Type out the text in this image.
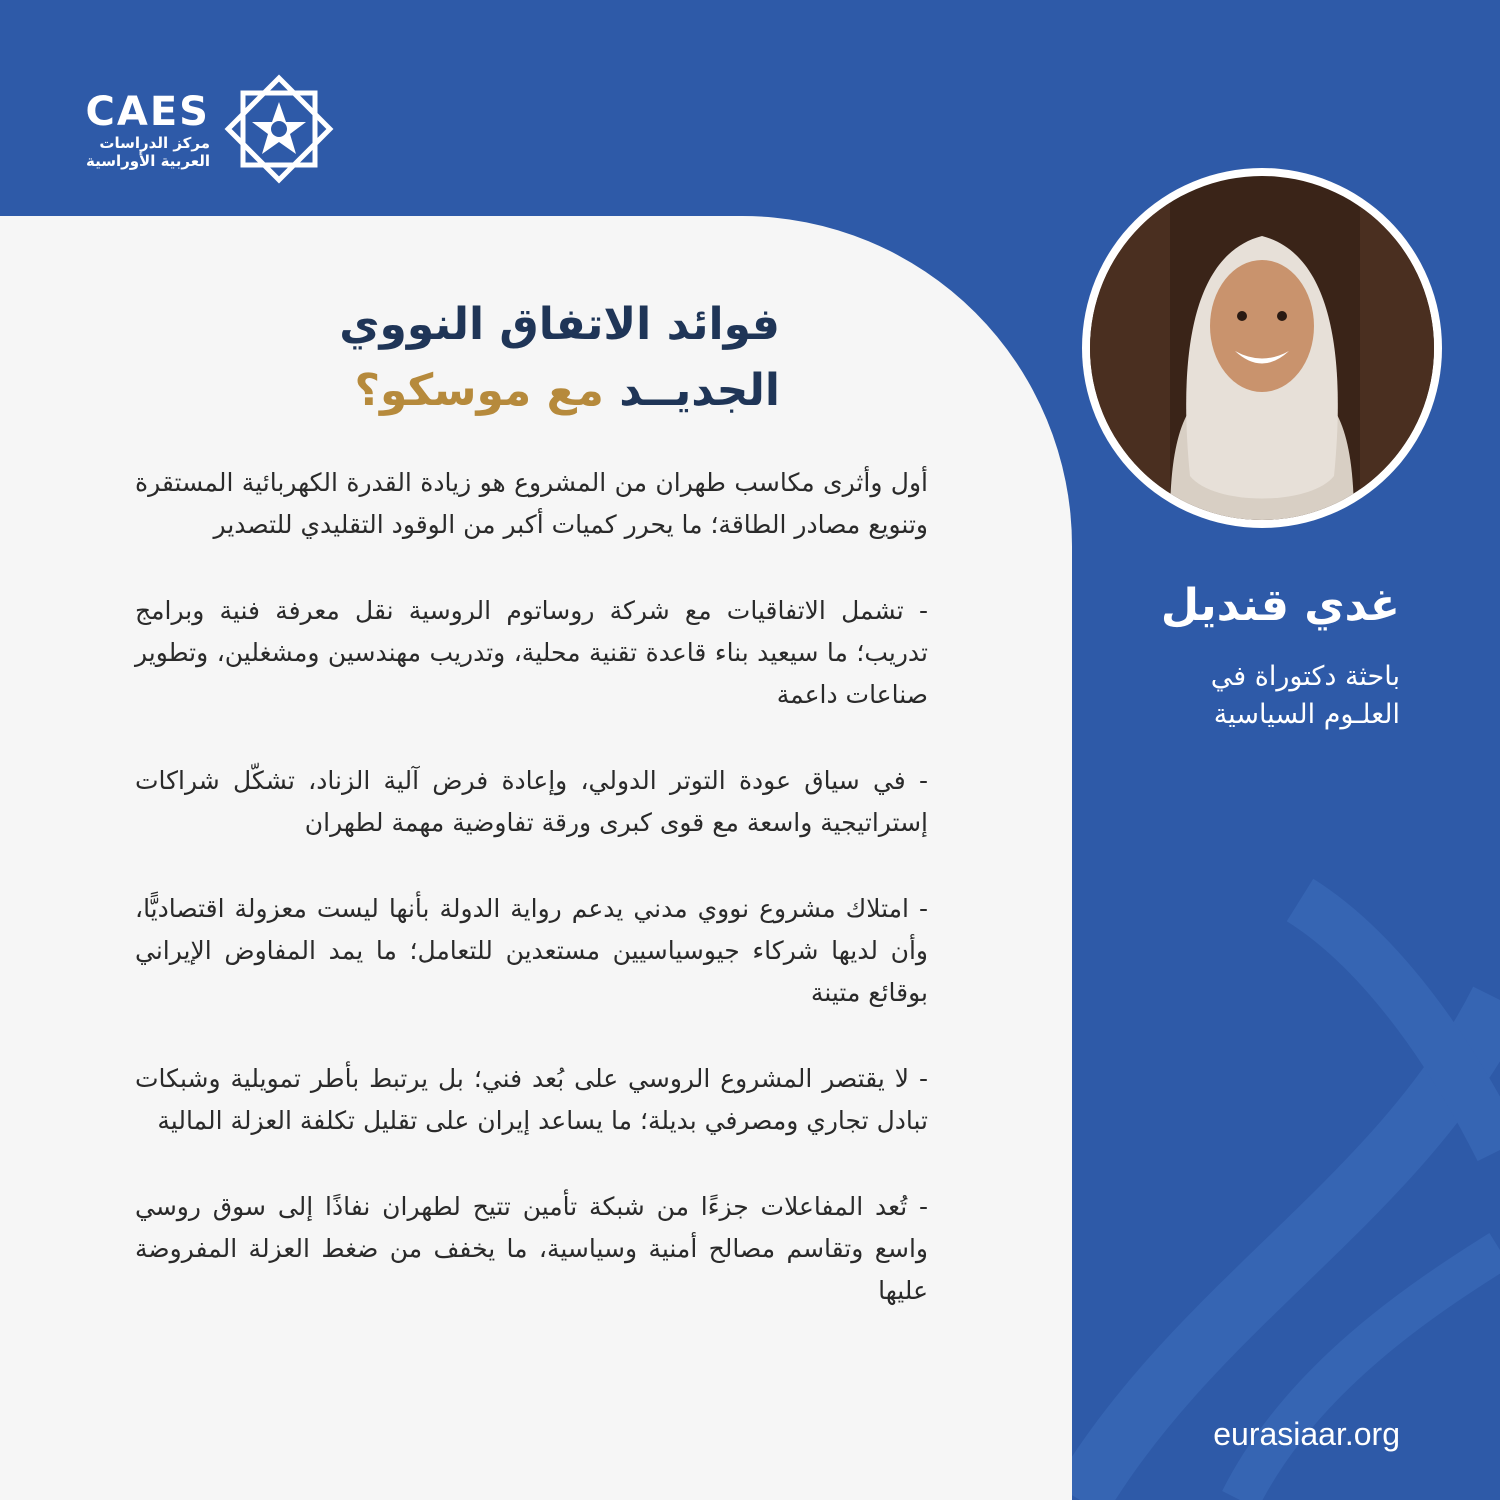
CAES
مركز الدراسات
العربية الأوراسية
فوائد الاتفاق النووي
الجديــد مع موسكو؟

أول وأثرى مكاسب طهران من المشروع هو زيادة القدرة الكهربائية المستقرة وتنويع مصادر الطاقة؛ ما يحرر كميات أكبر من الوقود التقليدي للتصدير

- تشمل الاتفاقيات مع شركة روساتوم الروسية نقل معرفة فنية وبرامج تدريب؛ ما سيعيد بناء قاعدة تقنية محلية، وتدريب مهندسين ومشغلين، وتطوير صناعات داعمة

- في سياق عودة التوتر الدولي، وإعادة فرض آلية الزناد، تشكّل شراكات إستراتيجية واسعة مع قوى كبرى ورقة تفاوضية مهمة لطهران

- امتلاك مشروع نووي مدني يدعم رواية الدولة بأنها ليست معزولة اقتصاديًّا، وأن لديها شركاء جيوسياسيين مستعدين للتعامل؛ ما يمد المفاوض الإيراني بوقائع متينة

- لا يقتصر المشروع الروسي على بُعد فني؛ بل يرتبط بأطر تمويلية وشبكات تبادل تجاري ومصرفي بديلة؛ ما يساعد إيران على تقليل تكلفة العزلة المالية

- تُعد المفاعلات جزءًا من شبكة تأمين تتيح لطهران نفاذًا إلى سوق روسي واسع وتقاسم مصالح أمنية وسياسية، ما يخفف من ضغط العزلة المفروضة عليها

غدي قنديل
باحثة دكتوراة في
العلـوم السياسية
eurasiaar.org
